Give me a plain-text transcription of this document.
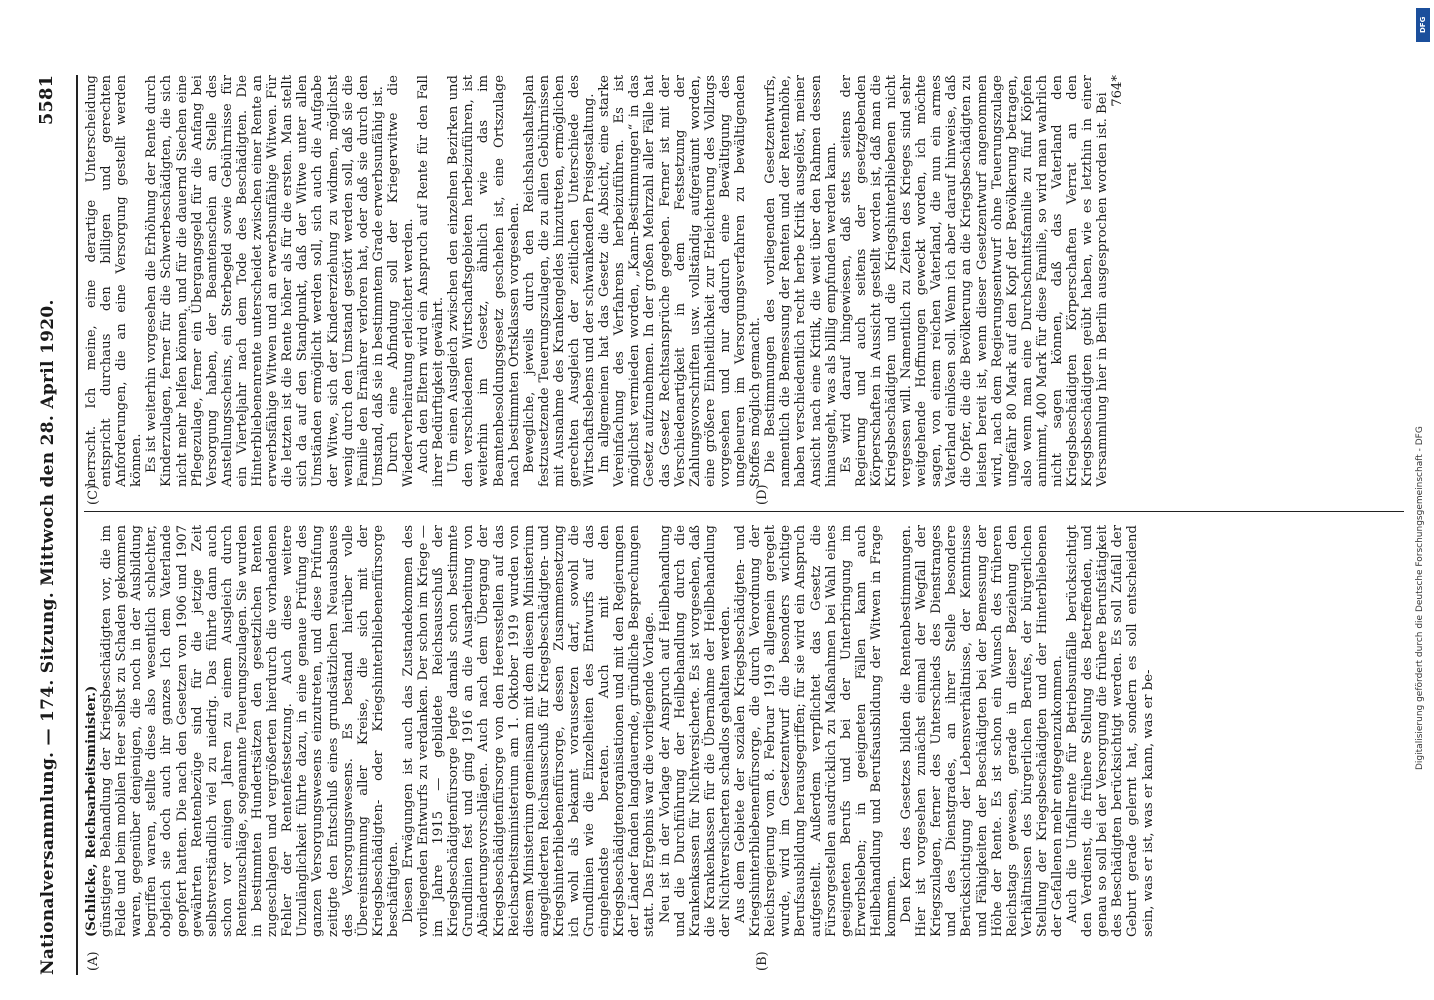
Nationalversammlung. — 174. Sitzung. Mittwoch den 28. April 1920.
5581
(A)	(B)
(C)	(D)

(Schlicke, Reichsarbeitsminister.) günstigere Behandlung der Kriegsbeschädigten vor, die im Felde und beim mobilen Heer selbst zu Schaden gekommen waren, gegenüber denjenigen, die noch in der Ausbildung begriffen waren, stellte diese also wesentlich schlechter, obgleich sie doch auch ihr ganzes Ich dem Vaterlande geopfert hatten. Die nach den Gesetzen von 1906 und 1907 gewährten Rentenbezüge sind für die jetzige Zeit selbstverständlich viel zu niedrig. Das führte dann auch schon vor einigen Jahren zu einem Ausgleich durch Rentenzuschläge, sogenannte Teuerungszulagen. Sie wurden in bestimmten Hundertsätzen den gesetzlichen Renten zugeschlagen und vergrößerten hierdurch die vorhandenen Fehler der Rentenfestsetzung. Auch diese weitere Unzulänglichkeit führte dazu, in eine genaue Prüfung des ganzen Versorgungswesens einzutreten, und diese Prüfung zeitigte den Entschluß eines grundsätzlichen Neuausbaues des Versorgungswesens. Es bestand hierüber volle Übereinstimmung aller Kreise, die sich mit der Kriegsbeschädigten- oder Kriegshinterbliebenenfürsorge beschäftigten. Diesen Erwägungen ist auch das Zustandekommen des vorliegenden Entwurfs zu verdanken. Der schon im Kriege — im Jahre 1915 — gebildete Reichsausschuß der Kriegsbeschädigtenfürsorge legte damals schon bestimmte Grundlinien fest und ging 1916 an die Ausarbeitung von Abänderungsvorschlägen. Auch nach dem Übergang der Kriegsbeschädigtenfürsorge von den Heeresstellen auf das Reichsarbeitsministerium am 1. Oktober 1919 wurden von diesem Ministerium gemeinsam mit dem diesem Ministerium angegliederten Reichsausschuß für Kriegsbeschädigten- und Kriegshinterbliebenenfürsorge, dessen Zusammensetzung ich wohl als bekannt voraussetzen darf, sowohl die Grundlinien wie die Einzelheiten des Entwurfs auf das eingehendste beraten. Auch mit den Kriegsbeschädigtenorganisationen und mit den Regierungen der Länder fanden langdauernde, gründliche Besprechungen statt. Das Ergebnis war die vorliegende Vorlage. Neu ist in der Vorlage der Anspruch auf Heilbehandlung und die Durchführung der Heilbehandlung durch die Krankenkassen für Nichtversicherte. Es ist vorgesehen, daß die Krankenkassen für die Übernahme der Heilbehandlung der Nichtversicherten schadlos gehalten werden. Aus dem Gebiete der sozialen Kriegsbeschädigten- und Kriegshinterbliebenenfürsorge, die durch Verordnung der Reichsregierung vom 8. Februar 1919 allgemein geregelt wurde, wird im Gesetzentwurf die besonders wichtige Berufsausbildung herausgegriffen; für sie wird ein Anspruch aufgestellt. Außerdem verpflichtet das Gesetz die Fürsorgestellen ausdrücklich zu Maßnahmen bei Wahl eines geeigneten Berufs und bei der Unterbringung im Erwerbsleben; in geeigneten Fällen kann auch Heilbehandlung und Berufsausbildung der Witwen in Frage kommen. Den Kern des Gesetzes bilden die Rentenbestimmungen. Hier ist vorgesehen zunächst einmal der Wegfall der Kriegszulagen, ferner des Unterschieds des Dienstranges und des Dienstgrades, an ihrer Stelle besondere Berücksichtigung der Lebensverhältnisse, der Kenntnisse und Fähigkeiten der Beschädigten bei der Bemessung der Höhe der Rente. Es ist schon ein Wunsch des früheren Reichstags gewesen, gerade in dieser Beziehung den Verhältnissen des bürgerlichen Berufes, der bürgerlichen Stellung der Kriegsbeschädigten und der Hinterbliebenen der Gefallenen mehr entgegenzukommen. Auch die Unfallrente für Betriebsunfälle berücksichtigt den Verdienst, die frühere Stellung des Betreffenden, und genau so soll bei der Versorgung die frühere Berufstätigkeit des Beschädigten berücksichtigt werden. Es soll Zufall der Geburt gerade gelernt hat, sondern es soll entscheidend sein, was er ist, was er kann, was er be-

herrscht. Ich meine, eine derartige Unterscheidung entspricht durchaus den billigen und gerechten Anforderungen, die an eine Versorgung gestellt werden können. Es ist weiterhin vorgesehen die Erhöhung der Rente durch Kinderzulagen, ferner für die Schwerbeschädigten, die sich nicht mehr helfen können, und für die dauernd Siechen eine Pflegezulage, ferner ein Übergangsgeld für die Anfang bei Versorgung haben, der Beamtenschein an Stelle des Anstellungsscheins, ein Sterbegeld sowie Gebührnisse für ein Vierteljahr nach dem Tode des Beschädigten. Die Hinterbliebenenrente unterscheidet zwischen einer Rente an erwerbsfähige Witwen und an erwerbsunfähige Witwen. Für die letzten ist die Rente höher als für die ersten. Man stellt sich da auf den Standpunkt, daß der Witwe unter allen Umständen ermöglicht werden soll, sich auch die Aufgabe der Witwe, sich der Kindererziehung zu widmen, möglichst wenig durch den Umstand gestört werden soll, daß sie die Familie den Ernährer verloren hat, oder daß sie durch den Umstand, daß sie in bestimmtem Grade erwerbsunfähig ist. Durch eine Abfindung soll der Kriegerwitwe die Wiederverheiratung erleichtert werden. Auch den Eltern wird ein Anspruch auf Rente für den Fall ihrer Bedürftigkeit gewährt. Um einen Ausgleich zwischen den einzelnen Bezirken und den verschiedenen Wirtschaftsgebieten herbeizuführen, ist weiterhin im Gesetz, ähnlich wie das im Beamtenbesoldungsgesetz geschehen ist, eine Ortszulage nach bestimmten Ortsklassen vorgesehen. Bewegliche, jeweils durch den Reichshaushaltsplan festzusetzende Teuerungszulagen, die zu allen Gebührnissen mit Ausnahme des Krankengeldes hinzutreten, ermöglichen gerechten Ausgleich der zeitlichen Unterschiede des Wirtschaftslebens und der schwankenden Preisgestaltung. Im allgemeinen hat das Gesetz die Absicht, eine starke Vereinfachung des Verfahrens herbeizuführen. Es ist möglichst vermieden worden, „Kann-Bestimmungen“ in das Gesetz aufzunehmen. In der großen Mehrzahl aller Fälle hat das Gesetz Rechtsansprüche gegeben. Ferner ist mit der Verschiedenartigkeit in dem Festsetzung der Zahlungsvorschriften usw. vollständig aufgeräumt worden, eine größere Einheitlichkeit zur Erleichterung des Vollzugs vorgesehen und nur dadurch eine Bewältigung des ungeheuren im Versorgungsverfahren zu bewältigenden Stoffes möglich gemacht. Die Bestimmungen des vorliegenden Gesetzentwurfs, namentlich die Bemessung der Renten und der Rentenhöhe, haben verschiedentlich recht herbe Kritik ausgelöst, meiner Ansicht nach eine Kritik, die weit über den Rahmen dessen hinausgeht, was als billig empfunden werden kann. Es wird darauf hingewiesen, daß stets seitens der Regierung und auch seitens der gesetzgebenden Körperschaften in Aussicht gestellt worden ist, daß man die Kriegsbeschädigten und die Kriegshinterbliebenen nicht vergessen will. Namentlich zu Zeiten des Krieges sind sehr weitgehende Hoffnungen geweckt worden, ich möchte sagen, von einem reichen Vaterland, die nun ein armes Vaterland einlösen soll. Wenn ich aber darauf hinweise, daß die Opfer, die die Bevölkerung an die Kriegsbeschädigten zu leisten bereit ist, wenn dieser Gesetzentwurf angenommen wird, nach dem Regierungsentwurf ohne Teuerungszulage ungefähr 80 Mark auf den Kopf der Bevölkerung betragen, also wenn man eine Durchschnittsfamilie zu fünf Köpfen annimmt, 400 Mark für diese Familie, so wird man wahrlich nicht sagen können, daß das Vaterland den Kriegsbeschädigten Körperschaften Verrat an den Kriegsbeschädigten geübt haben, wie es letzthin in einer Versammlung hier in Berlin ausgesprochen worden ist. Bei

764*

Digitalisierung gefördert durch die Deutsche Forschungsgemeinschaft - DFG
DFG
